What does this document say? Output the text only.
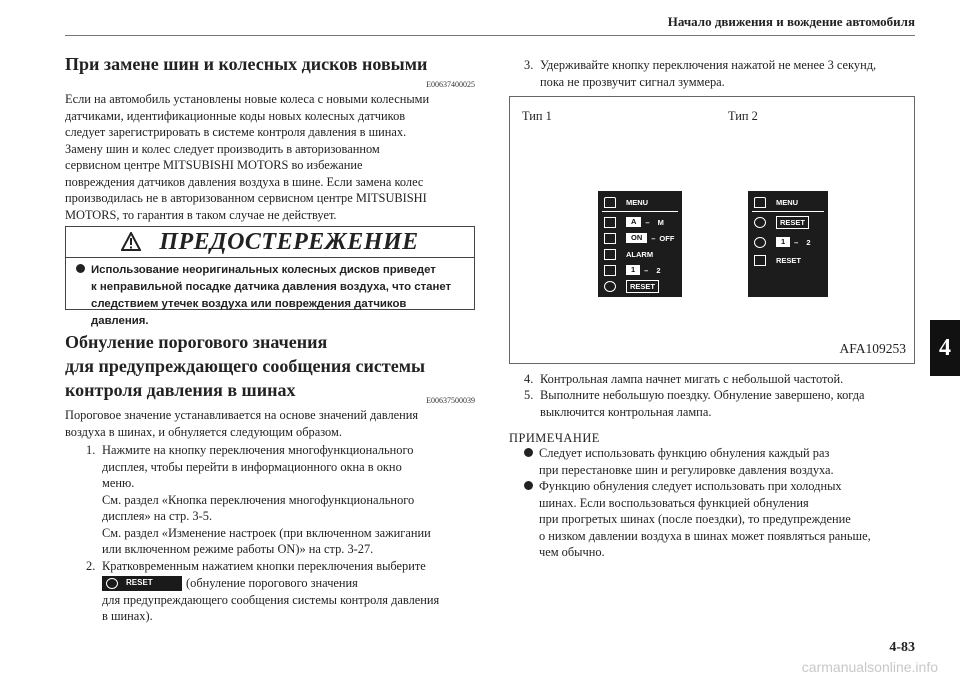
Начало движения и вождение автомобиля
При замене шин и колесных дисков новыми
E00637400025
Если на автомобиль установлены новые колеса с новыми колесными
датчиками, идентификационные коды новых колесных датчиков
следует зарегистрировать в системе контроля давления в шинах.
Замену шин и колес следует производить в авторизованном
сервисном центре MITSUBISHI MOTORS во избежание
повреждения датчиков давления воздуха в шине. Если замена колес
производилась не в авторизованном сервисном центре MITSUBISHI
MOTORS, то гарантия в таком случае не действует.
ПРЕДОСТЕРЕЖЕНИЕ
Использование неоригинальных колесных дисков приведет
к неправильной посадке датчика давления воздуха, что станет
следствием утечек воздуха или повреждения датчиков давления.
Обнуление порогового значения
для предупреждающего сообщения системы
контроля давления в шинах
E00637500039
Пороговое значение устанавливается на основе значений давления
воздуха в шинах, и обнуляется следующим образом.
1. Нажмите на кнопку переключения многофункционального
дисплея, чтобы перейти в информационного окна в окно
меню.
См. раздел «Кнопка переключения многофункционального
дисплея» на стр. 3-5.
См. раздел «Изменение настроек (при включенном зажигании
или включенном режиме работы ON)» на стр. 3-27.
2. Кратковременным нажатием кнопки переключения выберите
RESET	(обнуление порогового значения
для предупреждающего сообщения системы контроля давления
в шинах).
3. Удерживайте кнопку переключения нажатой не менее 3 секунд,
пока не прозвучит сигнал зуммера.
Тип 1	Тип 2
MENU
A	– M
ON	– OFF
ALARM
1	– 2
RESET
MENU
RESET
1	– 2
RESET
AFA109253
4. Контрольная лампа начнет мигать с небольшой частотой.
5. Выполните небольшую поездку. Обнуление завершено, когда
выключится контрольная лампа.
ПРИМЕЧАНИЕ
Следует использовать функцию обнуления каждый раз
при перестановке шин и регулировке давления воздуха.
Функцию обнуления следует использовать при холодных
шинах. Если воспользоваться функцией обнуления
при прогретых шинах (после поездки), то предупреждение
о низком давлении воздуха в шинах может появляться раньше,
чем обычно.
4
4-83
carmanualsonline.info
